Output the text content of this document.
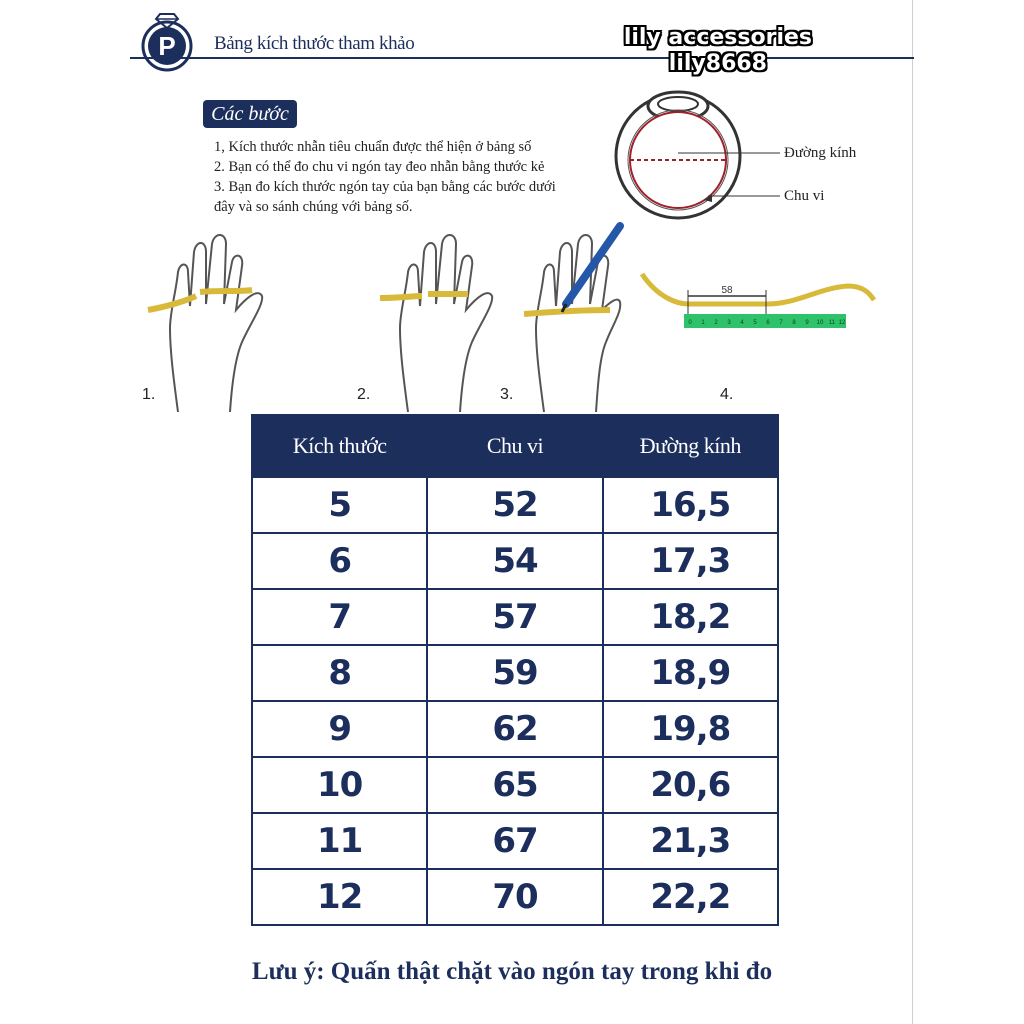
P Bảng kích thước tham khảo	lily accessories
lily8668
Các bước
1, Kích thước nhẫn tiêu chuẩn được thể hiện ở bảng số
2. Bạn có thể đo chu vi ngón tay đeo nhẫn bằng thước kẻ
3. Bạn đo kích thước ngón tay của bạn bằng các bước dưới
đây và so sánh chúng với bảng số.
Đường kính
Chu vi
1.	2.	3.
58
0 1 2 3 4 5 6 7 8 9 10 11 12
4.
Kích thước	Chu vi	Đường kính
5	52	16,5
6	54	17,3
7	57	18,2
8	59	18,9
9	62	19,8
10	65	20,6
11	67	21,3
12	70	22,2
Lưu ý: Quấn thật chặt vào ngón tay trong khi đo
